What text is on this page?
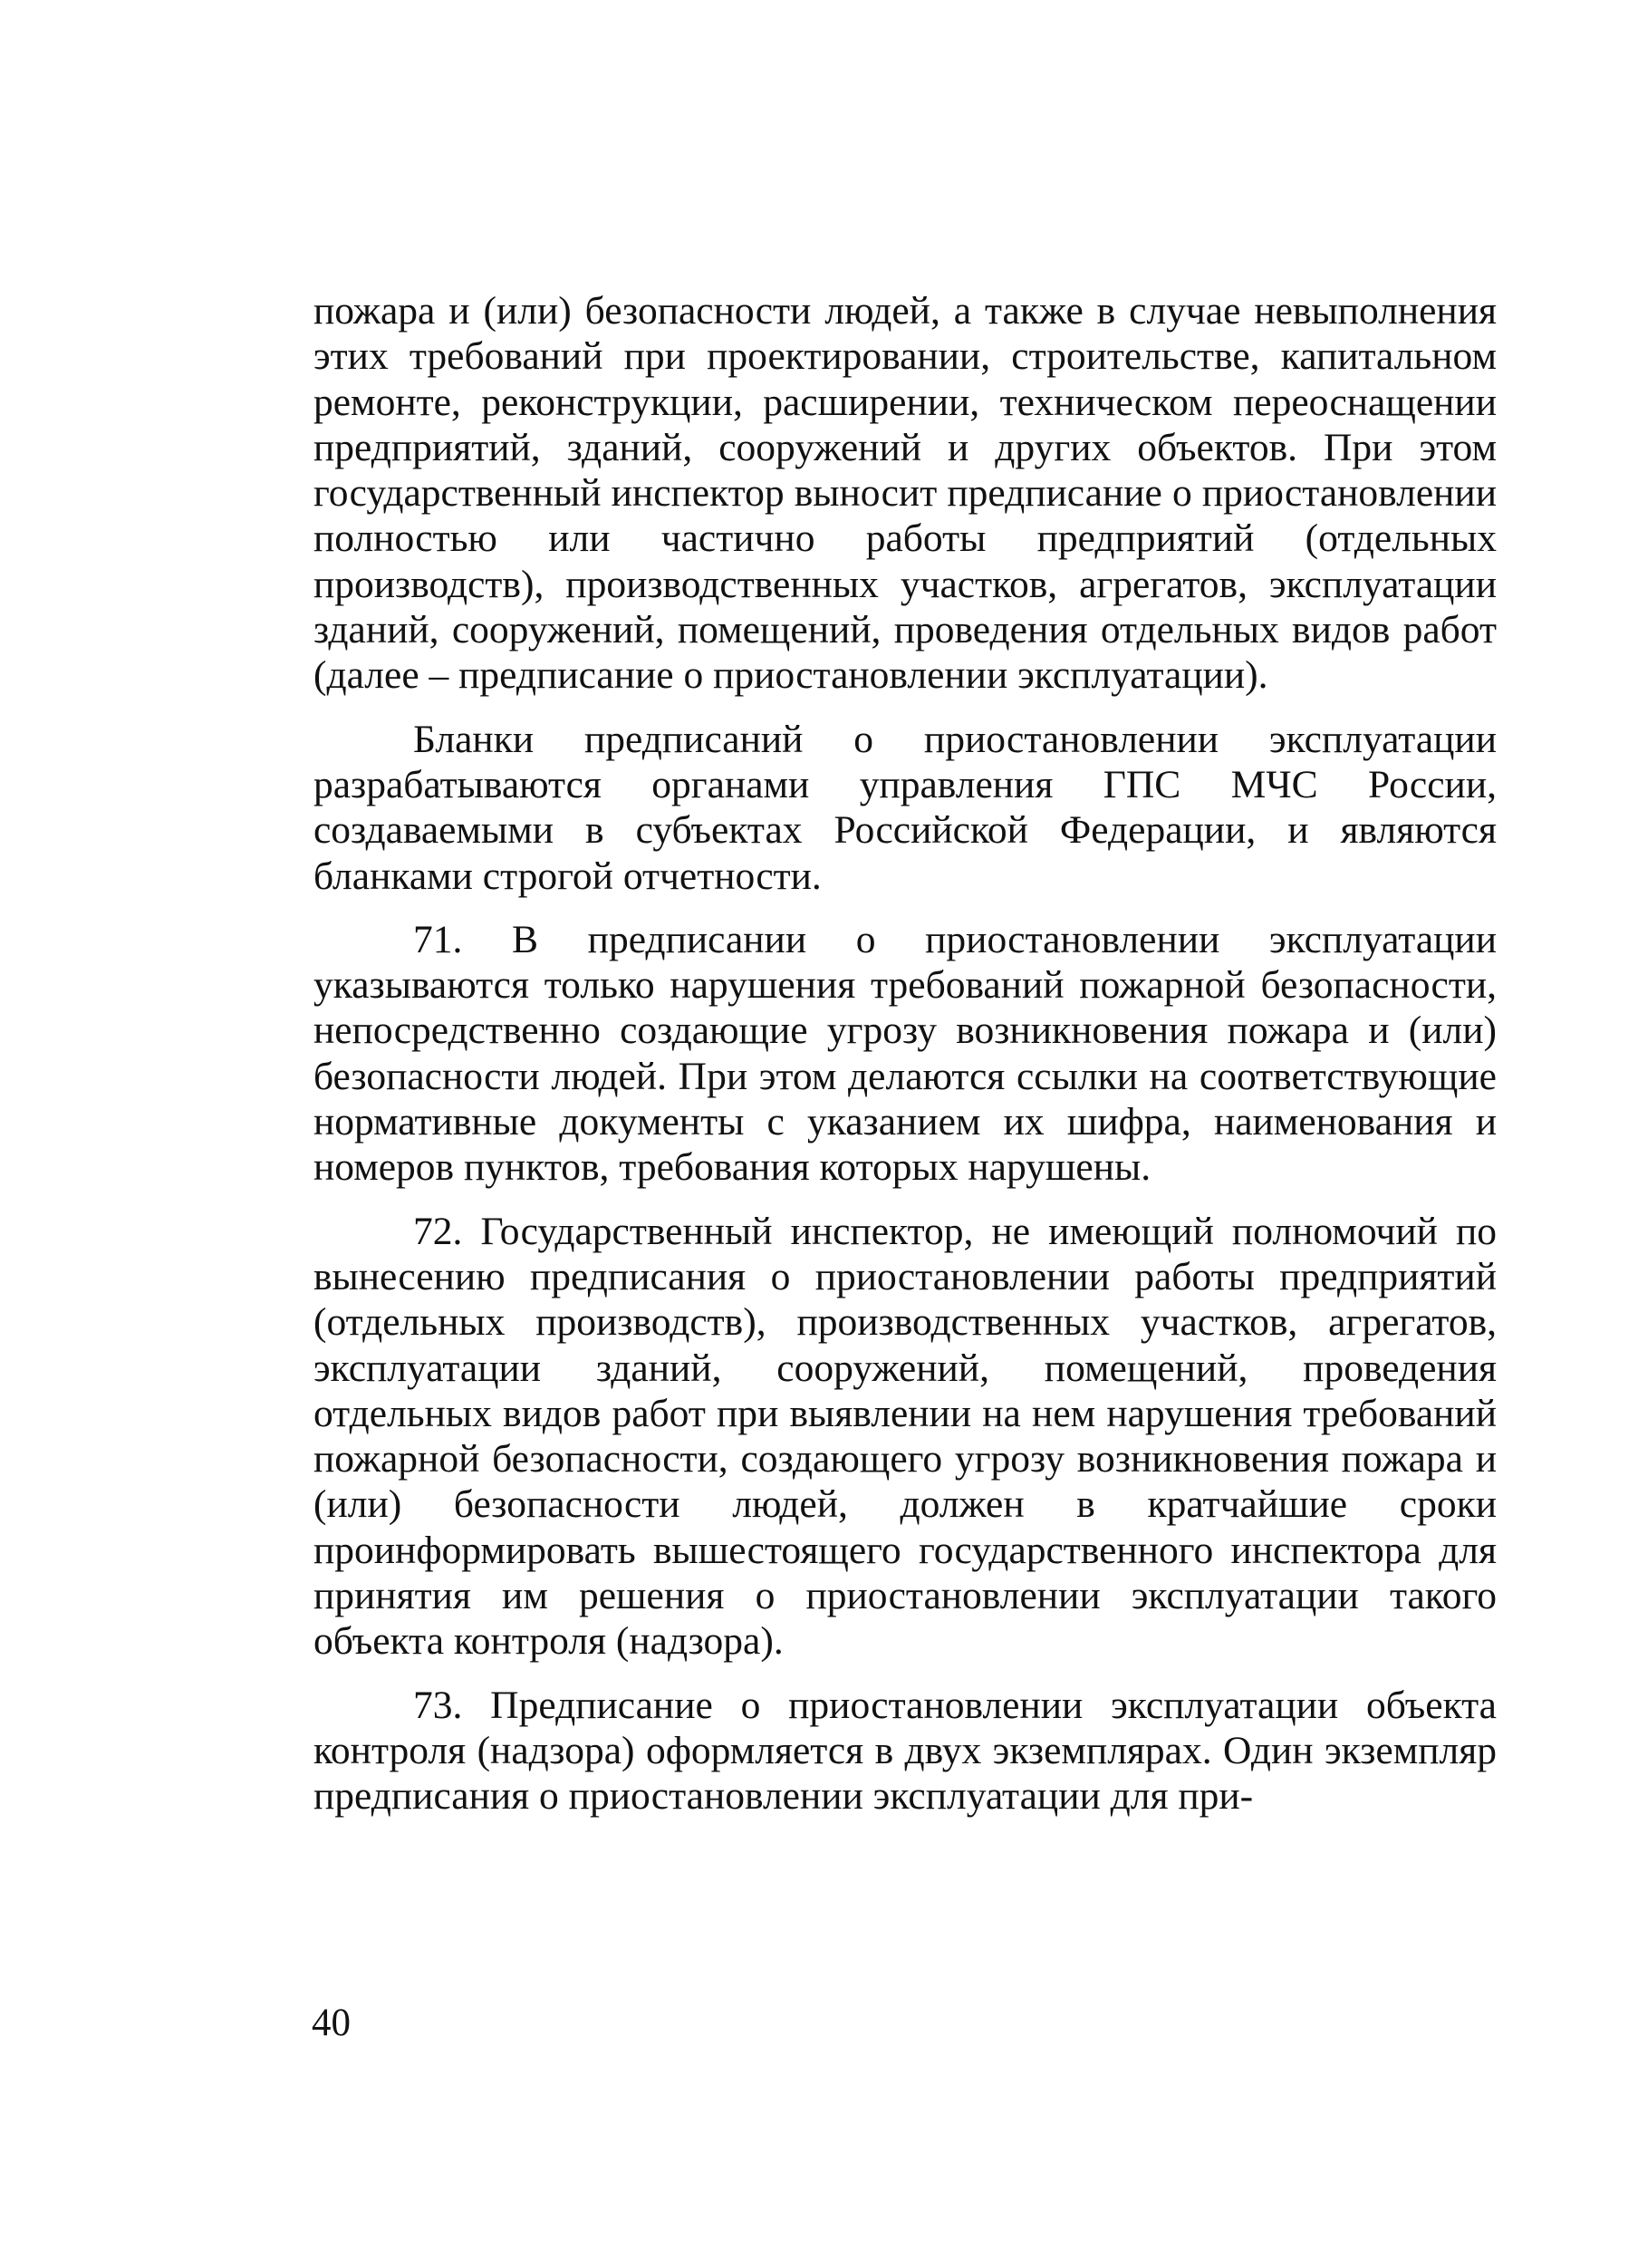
пожара и (или) безопасности людей, а также в случае невыполнения этих требований при проектировании, строительстве, капитальном ремонте, реконструкции, расширении, техническом переоснащении предприятий, зданий, сооружений и других объектов. При этом государственный инспектор выносит предписание о приостановлении полностью или частично работы предприятий (отдельных производств), производственных участков, агрегатов, эксплуатации зданий, сооружений, помещений, проведения отдельных видов работ (далее – предписание о приостановлении эксплуатации).

Бланки предписаний о приостановлении эксплуатации разрабатываются органами управления ГПС МЧС России, создаваемыми в субъектах Российской Федерации, и являются бланками строгой отчетности.

71. В предписании о приостановлении эксплуатации указываются только нарушения требований пожарной безопасности, непосредственно создающие угрозу возникновения пожара и (или) безопасности людей. При этом делаются ссылки на соответствующие нормативные документы с указанием их шифра, наименования и номеров пунктов, требования которых нарушены.

72. Государственный инспектор, не имеющий полномочий по вынесению предписания о приостановлении работы предприятий (отдельных производств), производственных участков, агрегатов, эксплуатации зданий, сооружений, помещений, проведения отдельных видов работ при выявлении на нем нарушения требований пожарной безопасности, создающего угрозу возникновения пожара и (или) безопасности людей, должен в кратчайшие сроки проинформировать вышестоящего государственного инспектора для принятия им решения о приостановлении эксплуатации такого объекта контроля (надзора).

73. Предписание о приостановлении эксплуатации объекта контроля (надзора) оформляется в двух экземплярах. Один экземпляр предписания о приостановлении эксплуатации для при-

40
